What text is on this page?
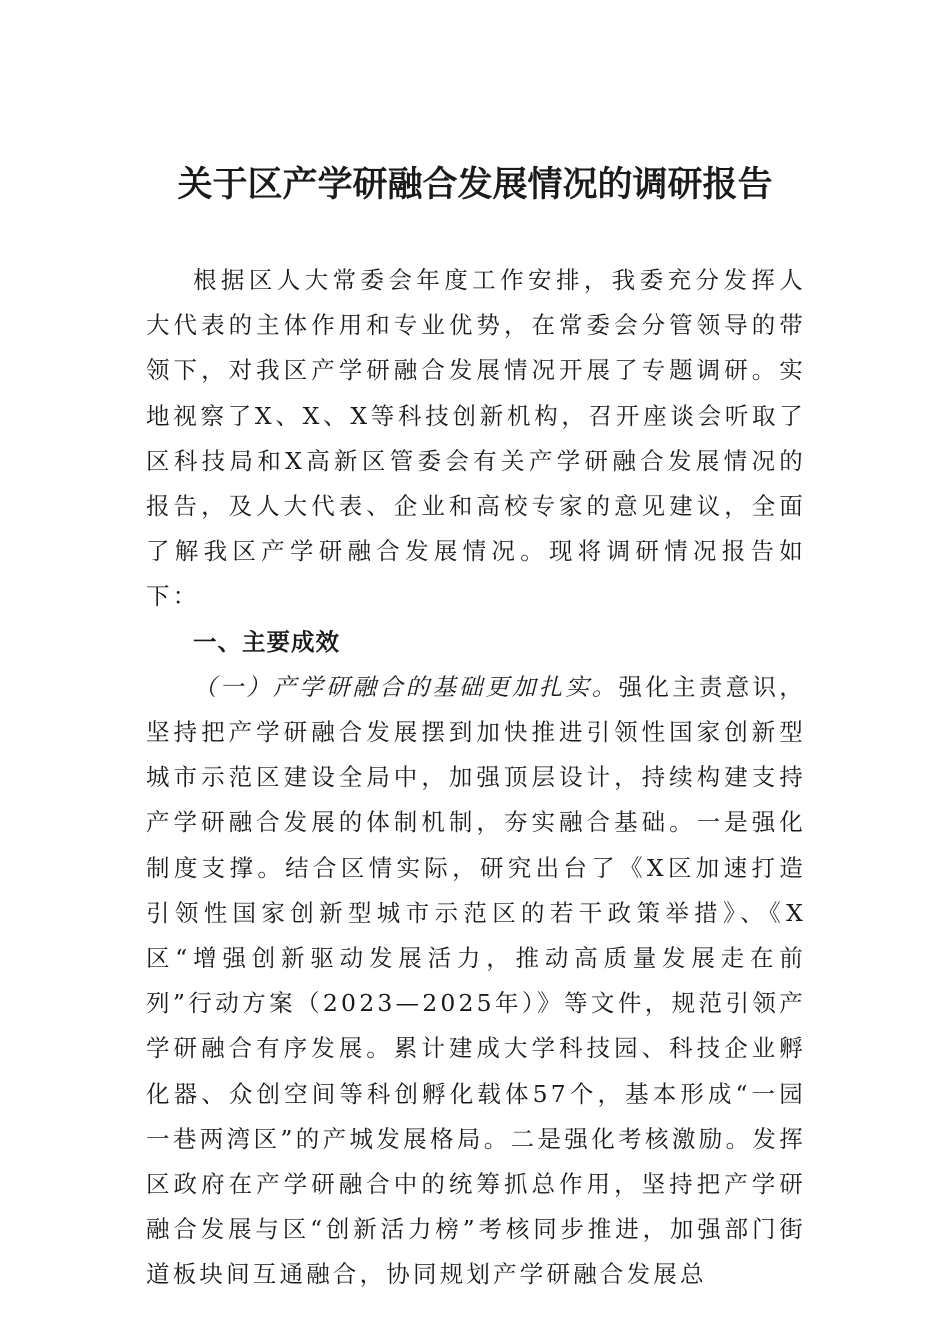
关于区产学研融合发展情况的调研报告

根据区人大常委会年度工作安排，我委充分发挥人大代表的主体作用和专业优势，在常委会分管领导的带领下，对我区产学研融合发展情况开展了专题调研。实地视察了X、X、X等科技创新机构，召开座谈会听取了区科技局和X高新区管委会有关产学研融合发展情况的报告，及人大代表、企业和高校专家的意见建议，全面了解我区产学研融合发展情况。现将调研情况报告如下：

一、主要成效

（一）产学研融合的基础更加扎实。强化主责意识，坚持把产学研融合发展摆到加快推进引领性国家创新型城市示范区建设全局中，加强顶层设计，持续构建支持产学研融合发展的体制机制，夯实融合基础。一是强化制度支撑。结合区情实际，研究出台了《X区加速打造引领性国家创新型城市示范区的若干政策举措》、《X区“增强创新驱动发展活力，推动高质量发展走在前列”行动方案（2023—2025年）》等文件，规范引领产学研融合有序发展。累计建成大学科技园、科技企业孵化器、众创空间等科创孵化载体57个，基本形成“一园一巷两湾区”的产城发展格局。二是强化考核激励。发挥区政府在产学研融合中的统筹抓总作用，坚持把产学研融合发展与区“创新活力榜”考核同步推进，加强部门街道板块间互通融合，协同规划产学研融合发展总
